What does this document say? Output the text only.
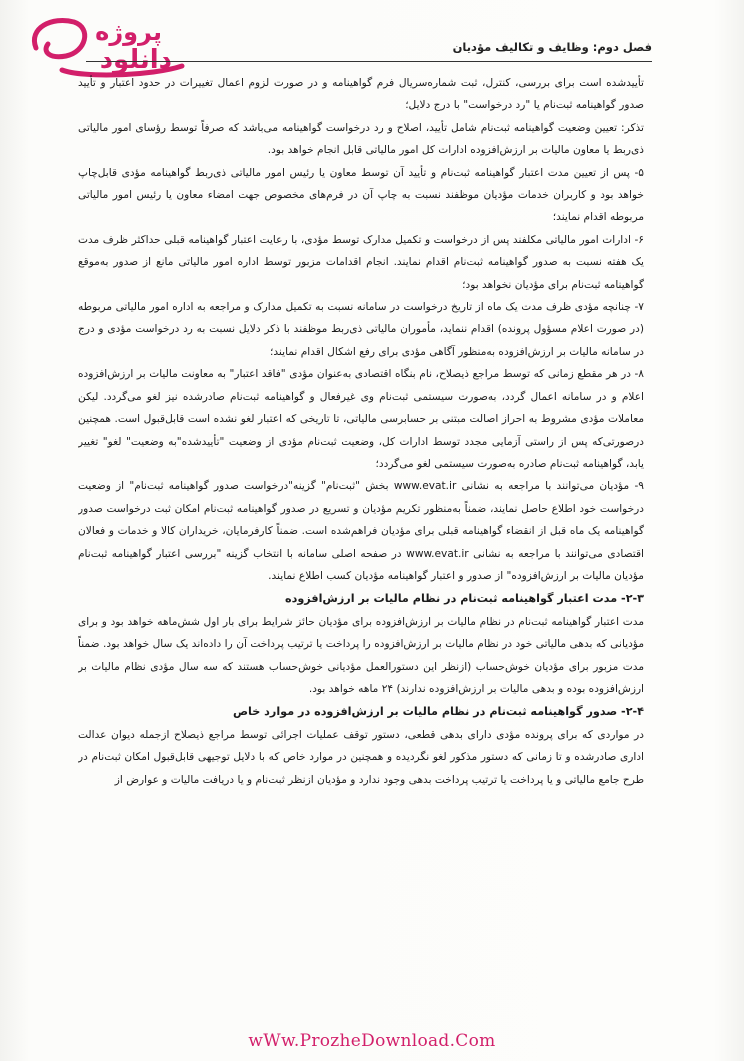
پروژه
دانلود	فصل دوم: وظایف و تکالیف مؤدیان

تأییدشده است برای بررسی، کنترل، ثبت شماره‌سریال فرم گواهینامه و در صورت لزوم اعمال تغییرات در حدود اعتبار و تأیید صدور گواهینامه ثبت‌نام یا "رد درخواست" با درج دلایل؛

تذکر: تعیین وضعیت گواهینامه ثبت‌نام شامل تأیید، اصلاح و رد درخواست گواهینامه می‌باشد که صرفاً توسط رؤسای امور مالیاتی ذی‌ربط یا معاون مالیات بر ارزش‌افزوده ادارات کل امور مالیاتی قابل انجام خواهد بود.

۵- پس از تعیین مدت اعتبار گواهینامه ثبت‌نام و تأیید آن توسط معاون یا رئیس امور مالیاتی ذی‌ربط گواهینامه مؤدی قابل‌چاپ خواهد بود و کاربران خدمات مؤدیان موظفند نسبت به چاپ آن در فرم‌های مخصوص جهت امضاء معاون یا رئیس امور مالیاتی مربوطه اقدام نمایند؛

۶- ادارات امور مالیاتی مکلفند پس از درخواست و تکمیل مدارک توسط مؤدی، با رعایت اعتبار گواهینامه قبلی حداکثر ظرف مدت یک هفته نسبت به صدور گواهینامه ثبت‌نام اقدام نمایند. انجام اقدامات مزبور توسط اداره امور مالیاتی مانع از صدور به‌موقع گواهینامه ثبت‌نام برای مؤدیان نخواهد بود؛

۷- چنانچه مؤدی ظرف مدت یک ماه از تاریخ درخواست در سامانه نسبت به تکمیل مدارک و مراجعه به اداره امور مالیاتی مربوطه (در صورت اعلام مسؤول پرونده) اقدام ننماید، مأموران مالیاتی ذی‌ربط موظفند با ذکر دلایل نسبت به رد درخواست مؤدی و درج در سامانه مالیات بر ارزش‌افزوده به‌منظور آگاهی مؤدی برای رفع اشکال اقدام نمایند؛

۸- در هر مقطع زمانی که توسط مراجع ذیصلاح، نام بنگاه اقتصادی به‌عنوان مؤدی "فاقد اعتبار" به معاونت مالیات بر ارزش‌افزوده اعلام و در سامانه اعمال گردد، به‌صورت سیستمی ثبت‌نام وی غیرفعال و گواهینامه ثبت‌نام صادرشده نیز لغو می‌گردد. لیکن معاملات مؤدی مشروط به احراز اصالت مبتنی بر حسابرسی مالیاتی، تا تاریخی که اعتبار لغو نشده است قابل‌قبول است. همچنین درصورتی‌که پس از راستی آزمایی مجدد توسط ادارات کل، وضعیت ثبت‌نام مؤدی از وضعیت "تأییدشده"به وضعیت" لغو" تغییر یابد، گواهینامه ثبت‌نام صادره به‌صورت سیستمی لغو می‌گردد؛

۹- مؤدیان می‌توانند با مراجعه به نشانی www.evat.ir بخش "ثبت‌نام" گزینه"درخواست صدور گواهینامه ثبت‌نام" از وضعیت درخواست خود اطلاع حاصل نمایند، ضمناً به‌منظور تکریم مؤدیان و تسریع در صدور گواهینامه ثبت‌نام امکان ثبت درخواست صدور گواهینامه یک ماه قبل از انقضاء گواهینامه قبلی برای مؤدیان فراهم‌شده است. ضمناً کارفرمایان، خریداران کالا و خدمات و فعالان اقتصادی می‌توانند با مراجعه به نشانی www.evat.ir در صفحه اصلی سامانه با انتخاب گزینه "بررسی اعتبار گواهینامه ثبت‌نام مؤدیان مالیات بر ارزش‌افزوده" از صدور و اعتبار گواهینامه مؤدیان کسب اطلاع نمایند.

۲-۳- مدت اعتبار گواهینامه ثبت‌نام در نظام مالیات بر ارزش‌افزوده

مدت اعتبار گواهینامه ثبت‌نام در نظام مالیات بر ارزش‌افزوده برای مؤدیان حائز شرایط برای بار اول شش‌ماهه خواهد بود و برای مؤدیانی که بدهی مالیاتی خود در نظام مالیات بر ارزش‌افزوده را پرداخت یا ترتیب پرداخت آن را داده‌اند یک سال خواهد بود. ضمناً مدت مزبور برای مؤدیان خوش‌حساب (ازنظر این دستورالعمل مؤدیانی خوش‌حساب هستند که سه سال مؤدی نظام مالیات بر ارزش‌افزوده بوده و بدهی مالیات بر ارزش‌افزوده ندارند) ۲۴ ماهه خواهد بود.

۲-۴- صدور گواهینامه ثبت‌نام در نظام مالیات بر ارزش‌افزوده در موارد خاص

در مواردی که برای پرونده مؤدی دارای بدهی قطعی، دستور توقف عملیات اجرائی توسط مراجع ذیصلاح ازجمله دیوان عدالت اداری صادرشده و تا زمانی که دستور مذکور لغو نگردیده و همچنین در موارد خاص که با دلایل توجیهی قابل‌قبول امکان ثبت‌نام در طرح جامع مالیاتی و یا پرداخت یا ترتیب پرداخت بدهی وجود ندارد و مؤدیان ازنظر ثبت‌نام و یا دریافت مالیات و عوارض از

wWw.ProzheDownload.Com
